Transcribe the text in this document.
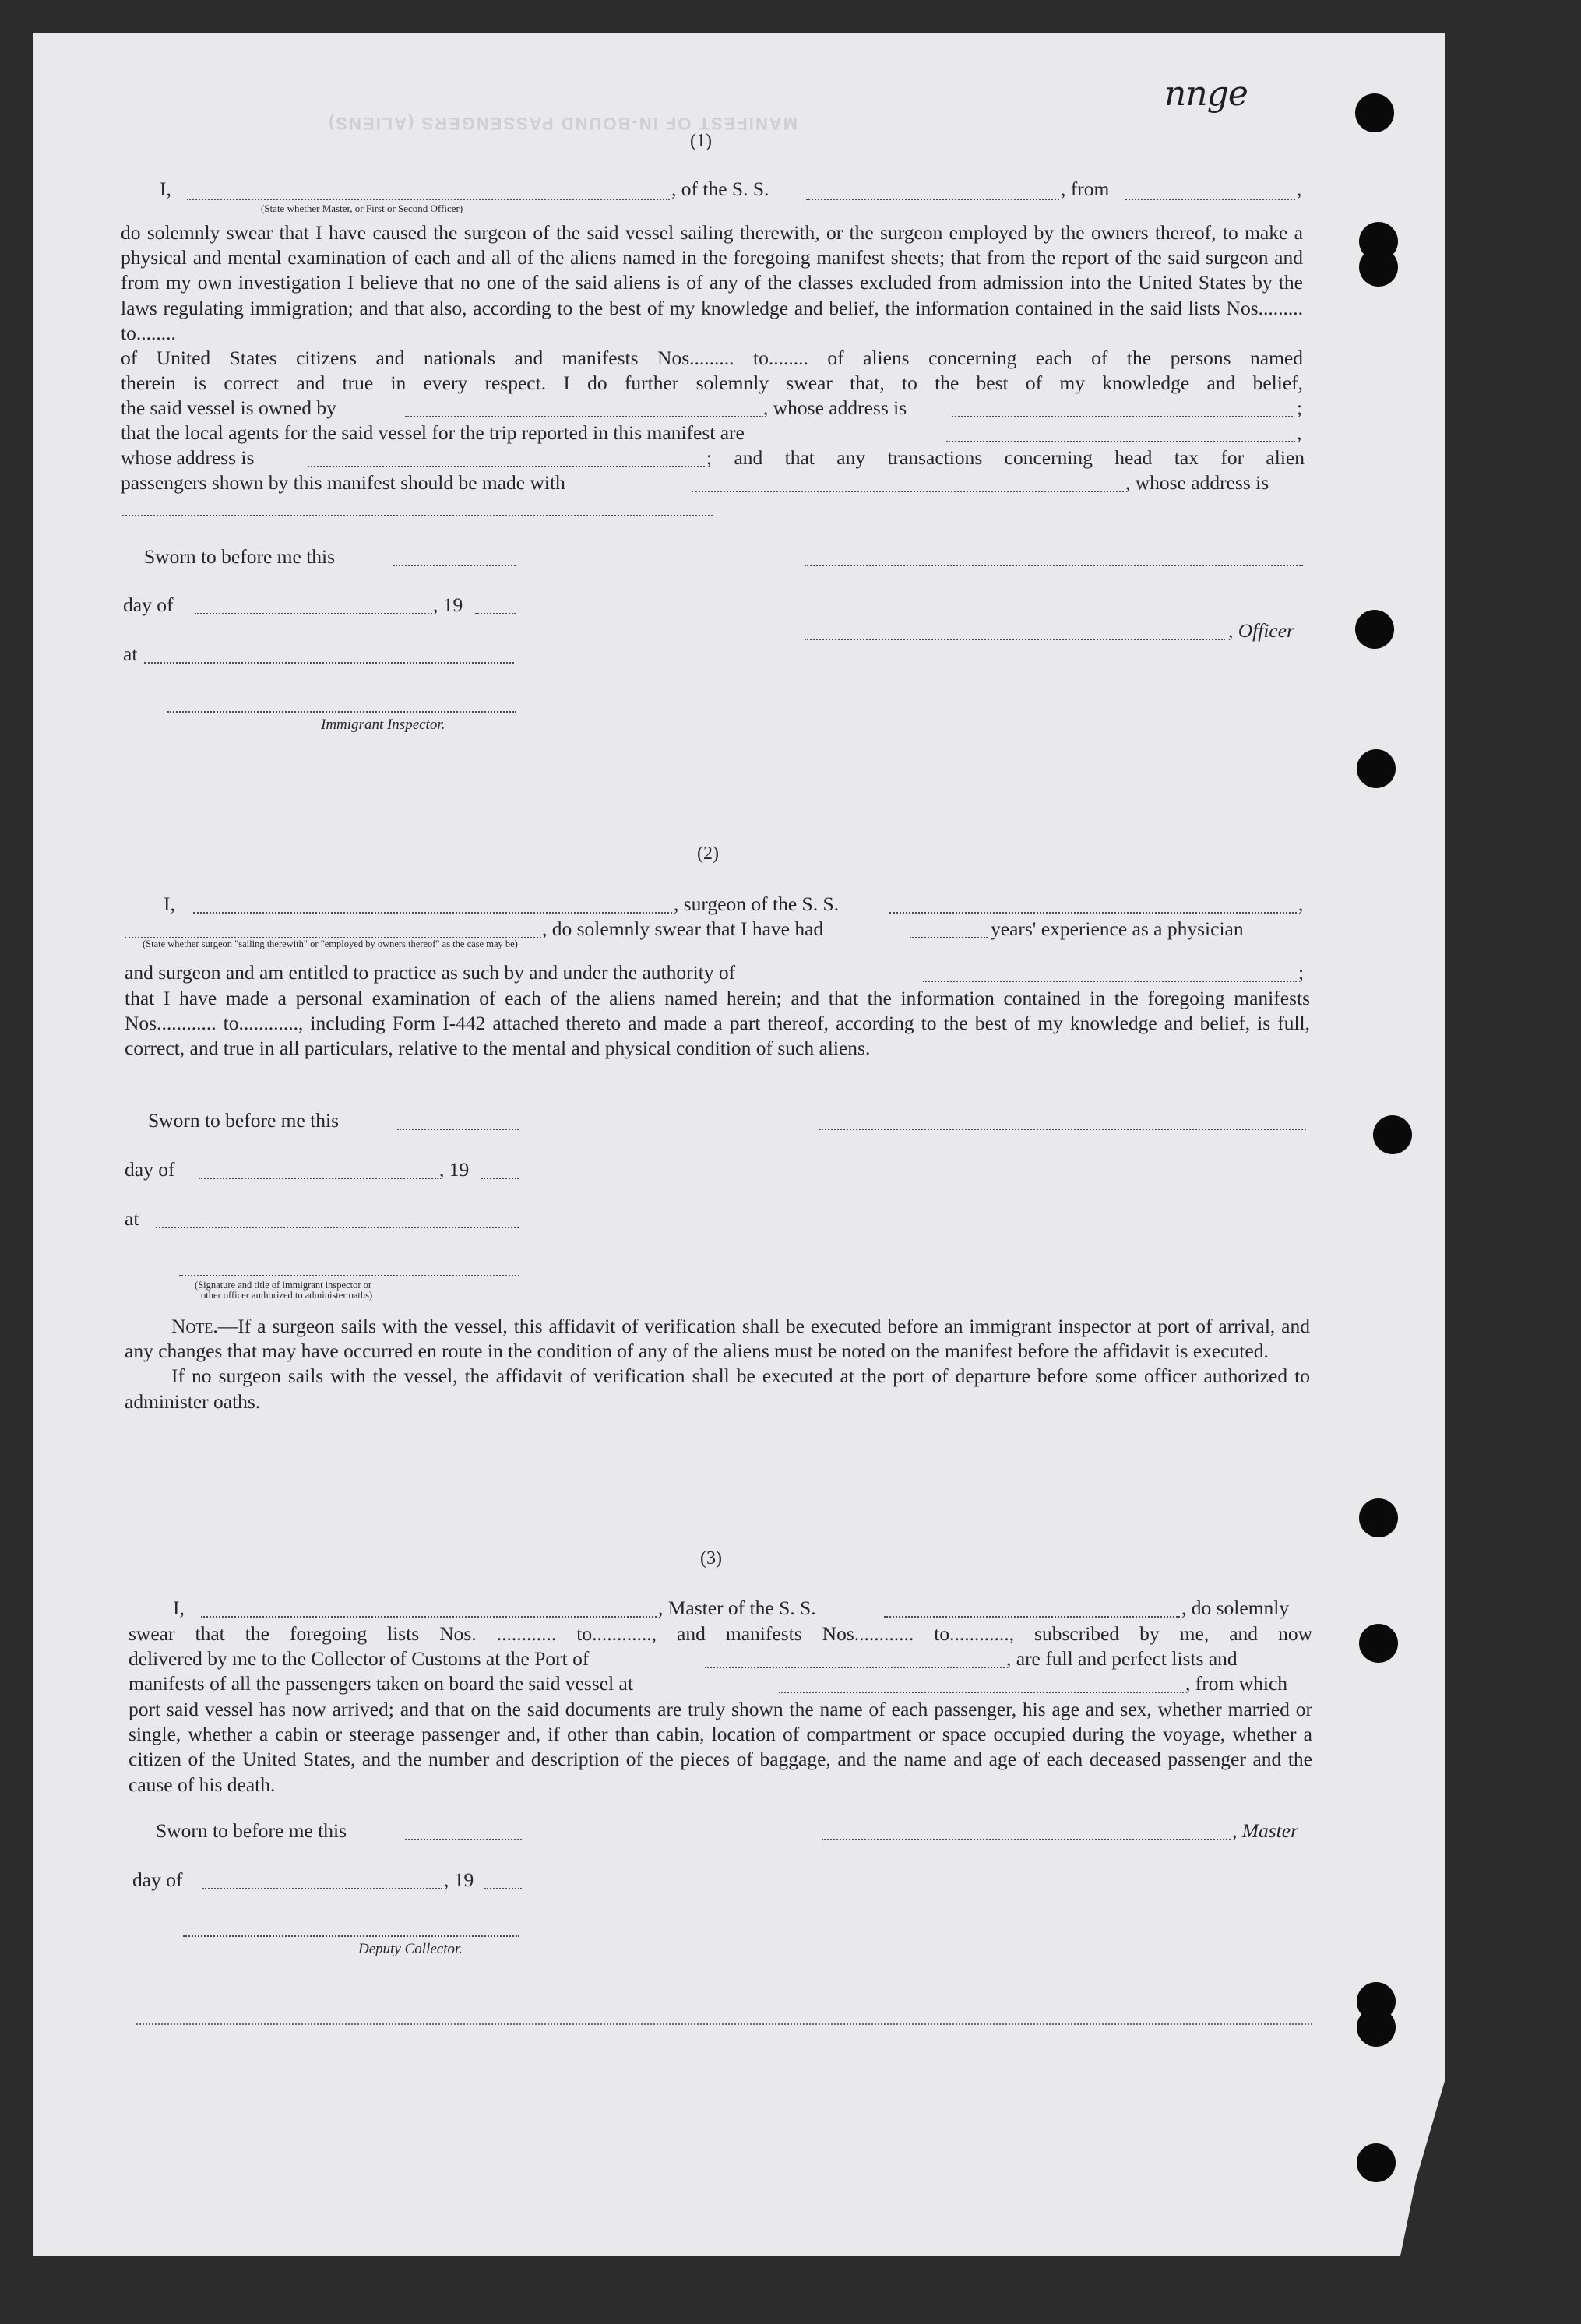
MANIFEST OF IN-BOUND PASSENGERS (ALIENS)
nnge
(1)
I,
(State whether Master, or First or Second Officer)
, of the S. S.	, from	,

do solemnly swear that I have caused the surgeon of the said vessel sailing therewith, or the surgeon employed by the owners thereof, to make a physical and mental examination of each and all of the aliens named in the foregoing manifest sheets; that from the report of the said surgeon and from my own investigation I believe that no one of the said aliens is of any of the classes excluded from admission into the United States by the laws regulating immigration; and that also, according to the best of my knowledge and belief, the information contained in the said lists Nos......... to........

of United States citizens and nationals and manifests Nos......... to........ of aliens concerning each of the persons named
therein is correct and true in every respect. I do further solemnly swear that, to the best of my knowledge and belief,
the said vessel is owned by	, whose address is	;
that the local agents for the said vessel for the trip reported in this manifest are	,
whose address is	; and that any transactions concerning head tax for alien
passengers shown by this manifest should be made with	, whose address is
Sworn to before me this
day of	, 19
, Officer
at
Immigrant Inspector.
(2)
I,	, surgeon of the S. S.	,
, do solemnly swear that I have had	years' experience as a physician
(State whether surgeon "sailing therewith" or "employed by owners thereof" as the case may be)
and surgeon and am entitled to practice as such by and under the authority of	;

that I have made a personal examination of each of the aliens named herein; and that the information contained in the foregoing manifests Nos............ to............, including Form I-442 attached thereto and made a part thereof, according to the best of my knowledge and belief, is full, correct, and true in all particulars, relative to the mental and physical condition of such aliens.

Sworn to before me this
day of	, 19
at
(Signature and title of immigrant inspector or
other officer authorized to administer oaths)

Note.—If a surgeon sails with the vessel, this affidavit of verification shall be executed before an immigrant inspector at port of arrival, and any changes that may have occurred en route in the condition of any of the aliens must be noted on the manifest before the affidavit is executed.

If no surgeon sails with the vessel, the affidavit of verification shall be executed at the port of departure before some officer authorized to administer oaths.

(3)
I,	, Master of the S. S.	, do solemnly
swear that the foregoing lists Nos. ............ to............, and manifests Nos............ to............, subscribed by me, and now
delivered by me to the Collector of Customs at the Port of	, are full and perfect lists and
manifests of all the passengers taken on board the said vessel at	, from which

port said vessel has now arrived; and that on the said documents are truly shown the name of each passenger, his age and sex, whether married or single, whether a cabin or steerage passenger and, if other than cabin, location of compartment or space occupied during the voyage, whether a citizen of the United States, and the number and description of the pieces of baggage, and the name and age of each deceased passenger and the cause of his death.

Sworn to before me this	, Master
day of	, 19
Deputy Collector.
